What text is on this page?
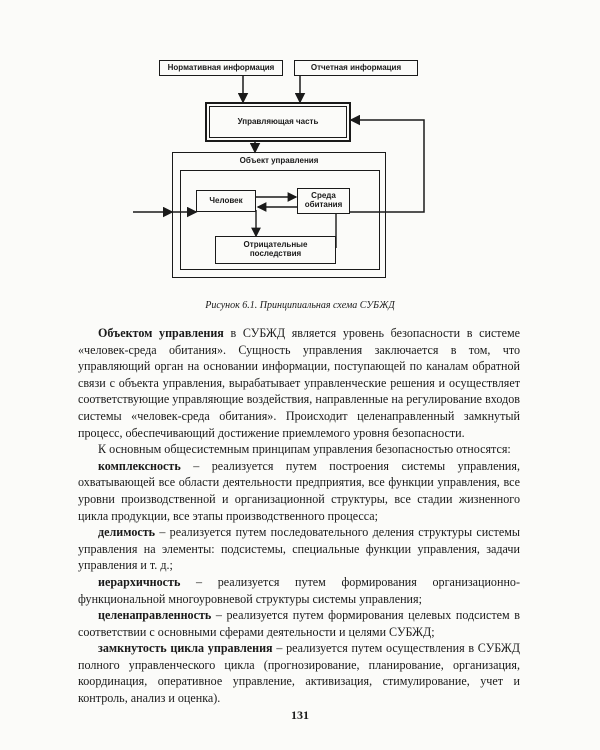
Нормативная информация	Отчетная информация
Управляющая часть
Объект управления
Человек	Среда обитания
Отрицательные последствия
Рисунок 6.1. Принципиальная схема СУБЖД

Объектом управления в СУБЖД является уровень безопасности в системе «человек-среда обитания». Сущность управления заключается в том, что управляющий орган на основании информации, поступающей по каналам обратной связи с объекта управления, вырабатывает управленческие решения и осуществляет соответствующие управляющие воздействия, направленные на регулирование входов системы «человек-среда обитания». Происходит целенаправленный замкнутый процесс, обеспечивающий достижение приемлемого уровня безопасности.

К основным общесистемным принципам управления безопасностью относятся:

комплексность – реализуется путем построения системы управления, охватывающей все области деятельности предприятия, все функции управления, все уровни производственной и организационной структуры, все стадии жизненного цикла продукции, все этапы производственного процесса;

делимость – реализуется путем последовательного деления структуры системы управления на элементы: подсистемы, специальные функции управления, задачи управления и т. д.;

иерархичность – реализуется путем формирования организационно-функциональной многоуровневой структуры системы управления;

целенаправленность – реализуется путем формирования целевых подсистем в соответствии с основными сферами деятельности и целями СУБЖД;

замкнутость цикла управления – реализуется путем осуществления в СУБЖД полного управленческого цикла (прогнозирование, планирование, организация, координация, оперативное управление, активизация, стимулирование, учет и контроль, анализ и оценка).

131
